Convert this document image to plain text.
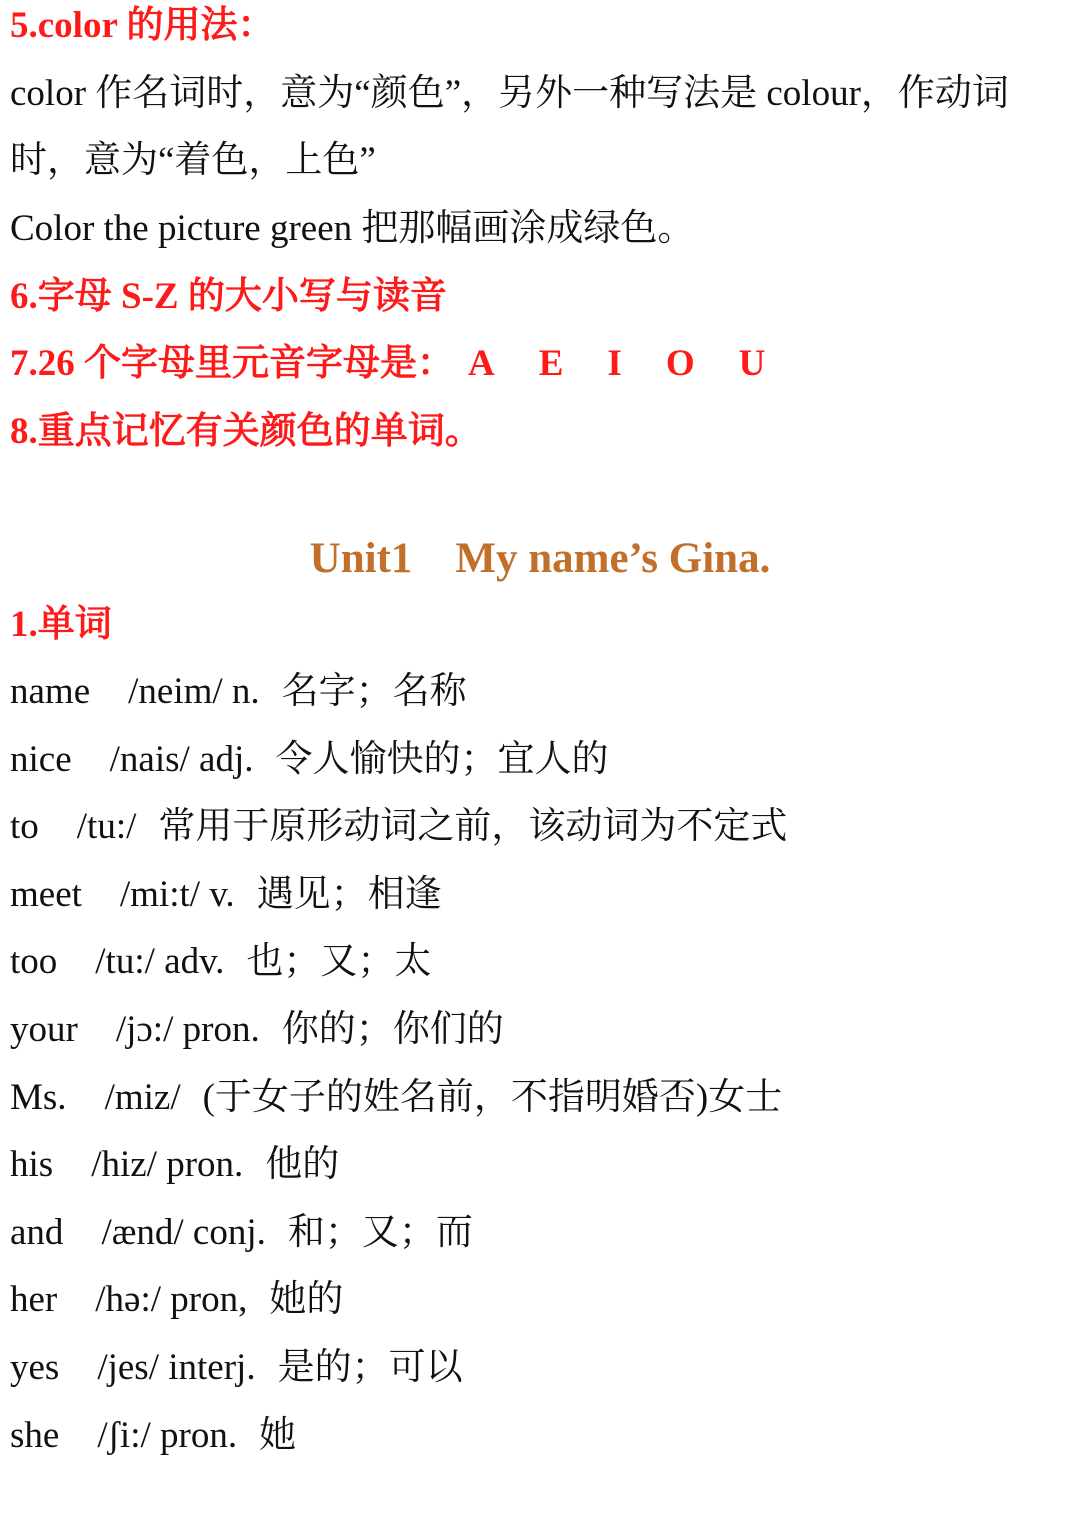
5.color 的用法：
color 作名词时，意为“颜色”，另外一种写法是 colour，作动词
时，意为“着色，上色”
Color the picture green 把那幅画涂成绿色。
6.字母 S-Z 的大小写与读音
7.26 个字母里元音字母是： A E I O U
8.重点记忆有关颜色的单词。
Unit1    My name’s Gina.
1.单词
name /neim/ n. 名字；名称
nice /nais/ adj. 令人愉快的；宜人的
to /tu:/ 常用于原形动词之前，该动词为不定式
meet /mi:t/ v. 遇见；相逢
too /tu:/ adv. 也；又；太
your /jɔ:/ pron. 你的；你们的
Ms. /miz/ (于女子的姓名前，不指明婚否)女士
his /hiz/ pron. 他的
and /ænd/ conj. 和；又；而
her /hə:/ pron, 她的
yes /jes/ interj. 是的；可以
she /ʃi:/ pron. 她
